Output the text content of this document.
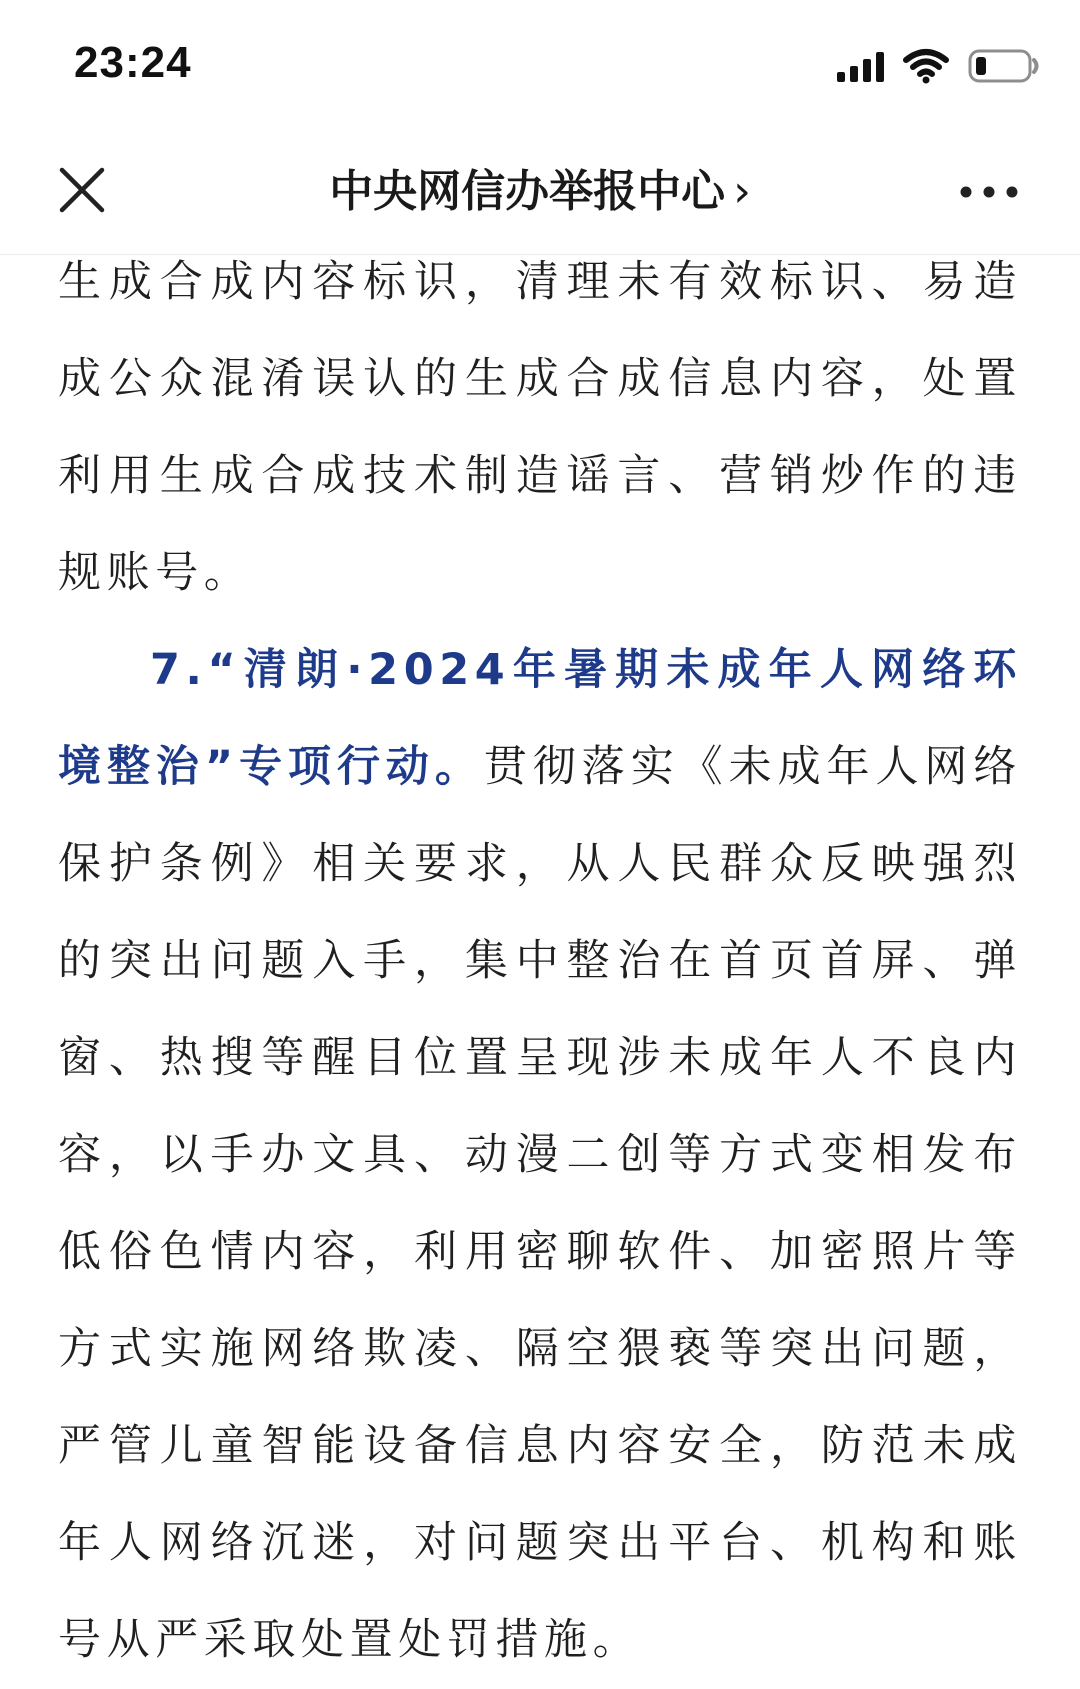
23:24
中央网信办举报中心 ›

生成合成内容标识，清理未有效标识、易造成公众混淆误认的生成合成信息内容，处置利用生成合成技术制造谣言、营销炒作的违规账号。

7.“清朗·2024年暑期未成年人网络环境整治”专项行动。贯彻落实《未成年人网络保护条例》相关要求，从人民群众反映强烈的突出问题入手，集中整治在首页首屏、弹窗、热搜等醒目位置呈现涉未成年人不良内容，以手办文具、动漫二创等方式变相发布低俗色情内容，利用密聊软件、加密照片等方式实施网络欺凌、隔空猥亵等突出问题，严管儿童智能设备信息内容安全，防范未成年人网络沉迷，对问题突出平台、机构和账号从严采取处置处罚措施。
